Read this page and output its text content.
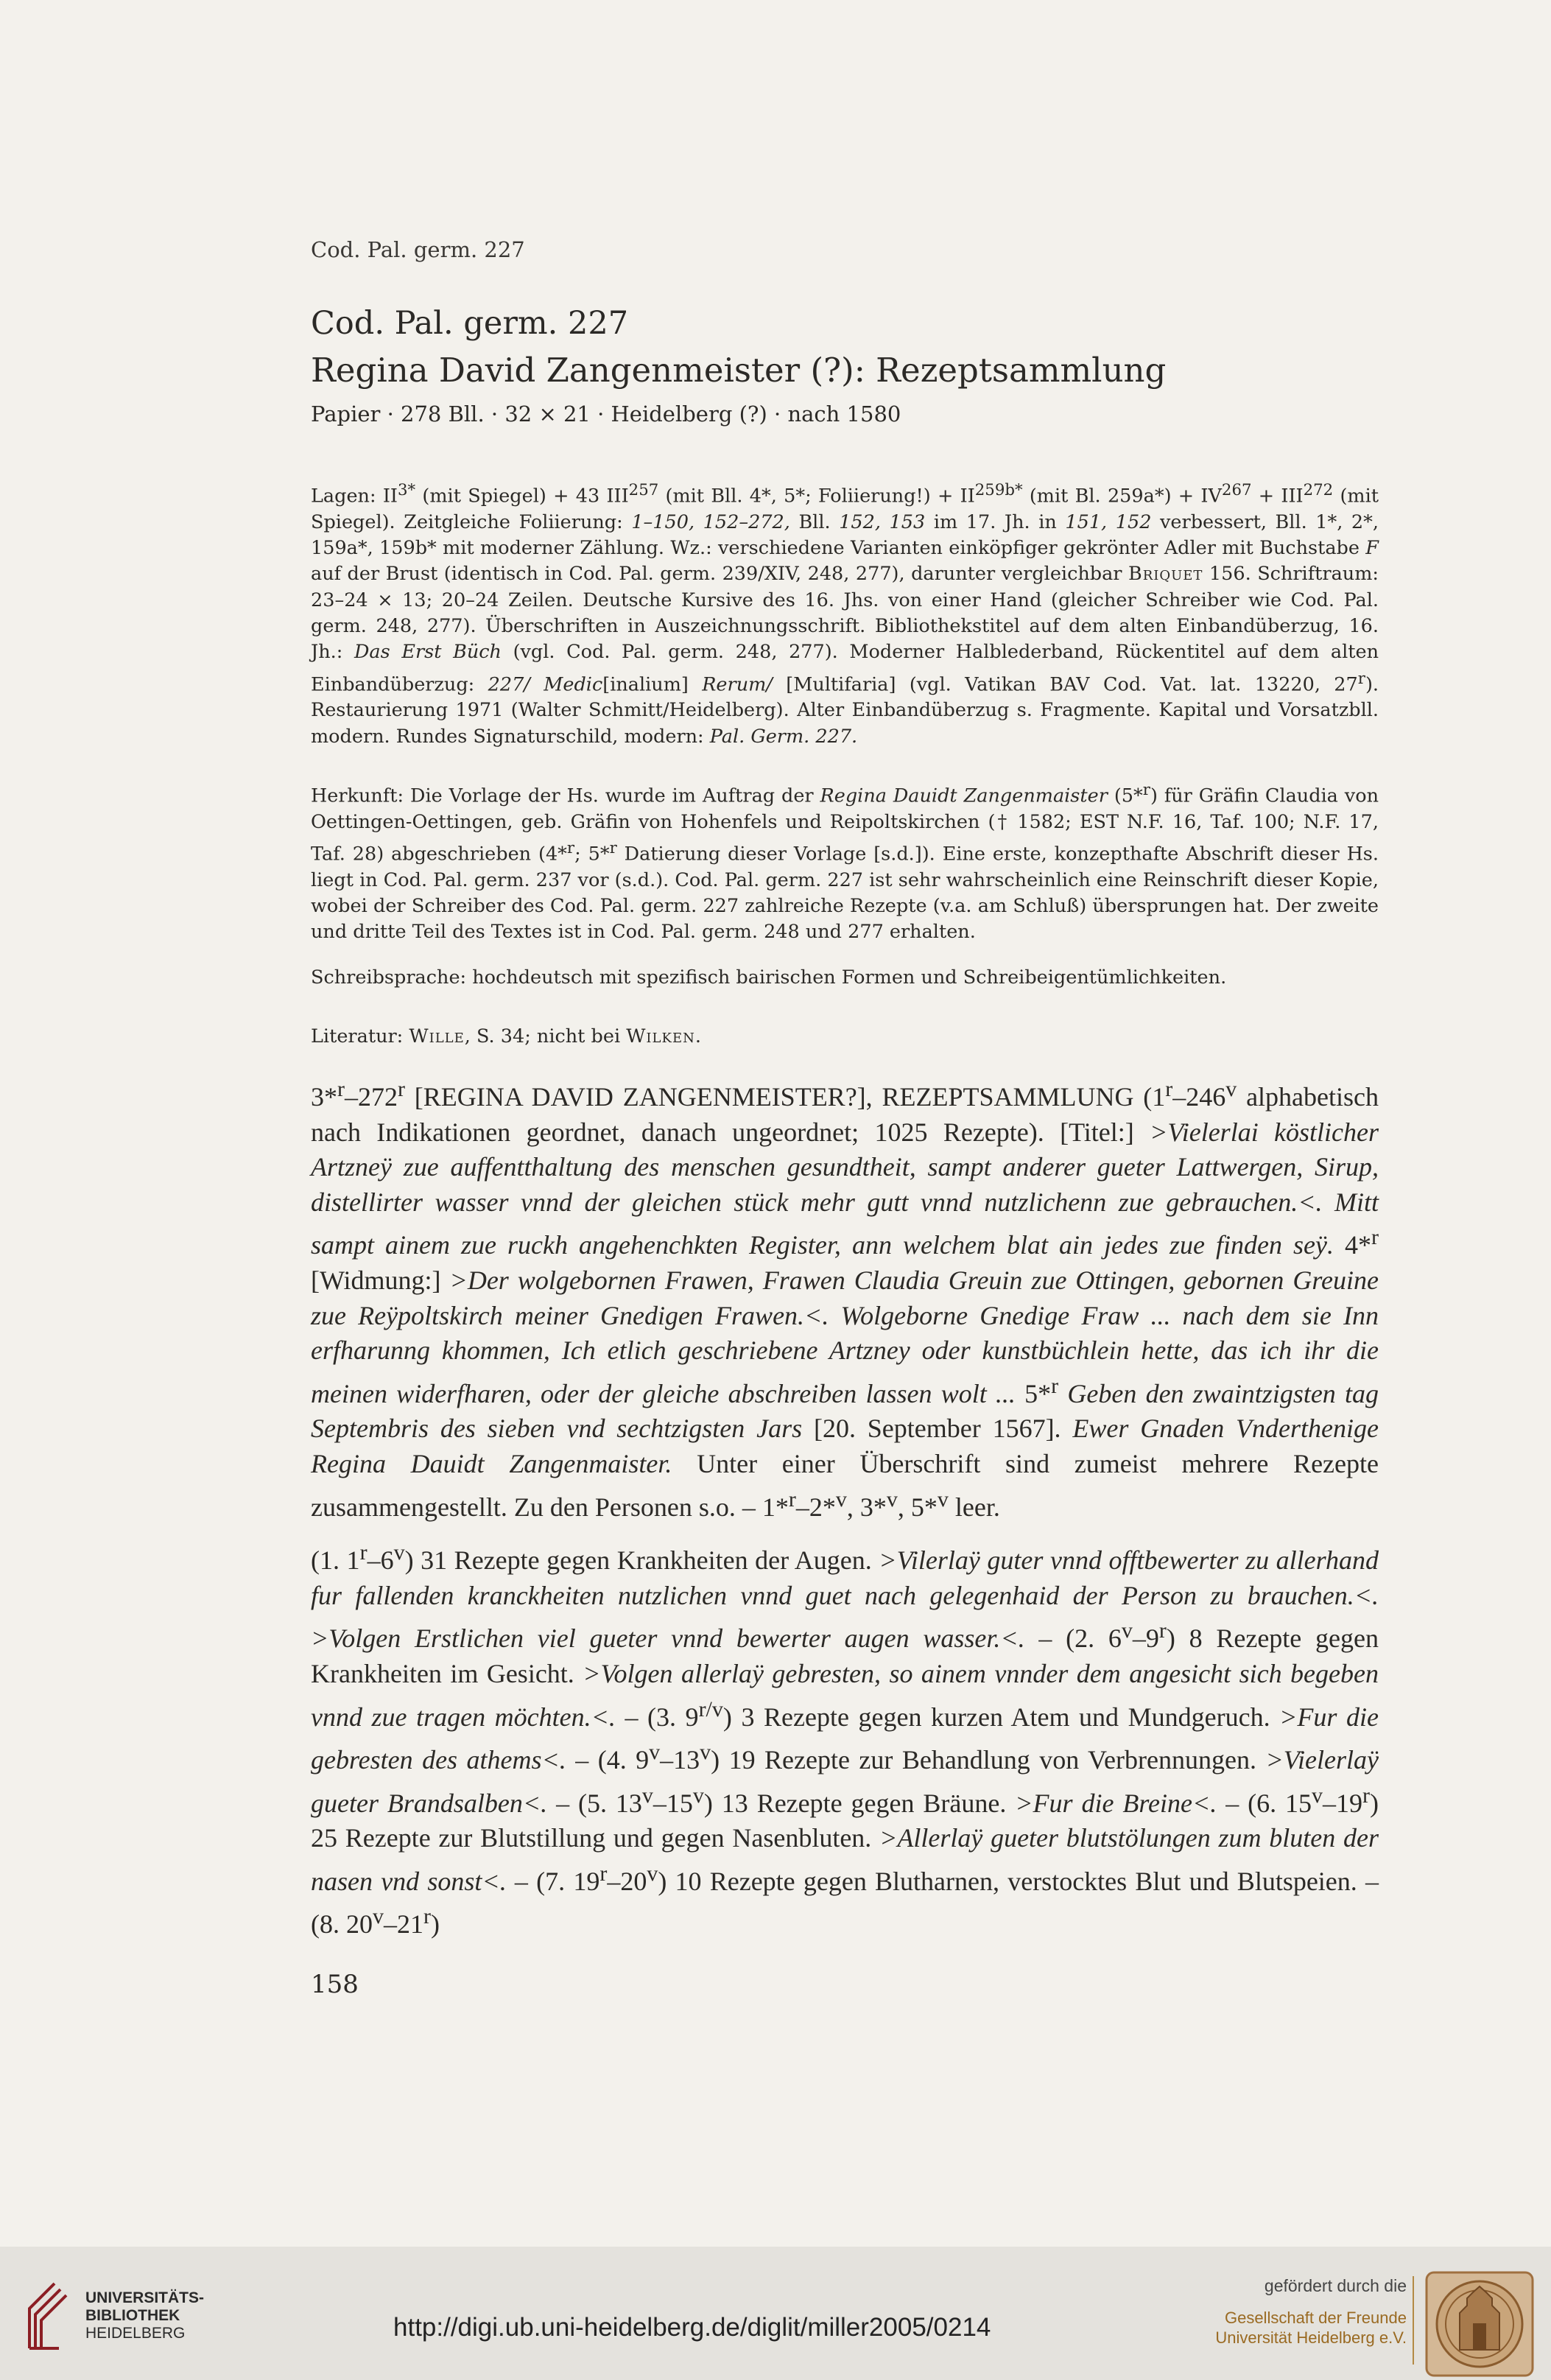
Cod. Pal. germ. 227
Cod. Pal. germ. 227
Regina David Zangenmeister (?): Rezeptsammlung
Papier · 278 Bll. · 32 × 21 · Heidelberg (?) · nach 1580

Lagen: $II^{3*}$ (mit Spiegel) + 43 III$^{257}$ (mit Bll. 4*, 5*; Foliierung!) + $II^{259b*}$ (mit Bl. $259a*) + IV^{267} + III^{272}$ (mit Spiegel). Zeitgleiche Foliierung: 1–150, 152–272, Bll. 152, 153 im 17. Jh. in 151, 152 verbessert, Bll. 1*, 2*, 159a*, 159b* mit moderner Zählung. Wz.: verschiedene Varianten einköpfiger gekrönter Adler mit Buchstabe F auf der Brust (identisch in Cod. Pal. germ. 239/XIV, 248, 277), darunter vergleichbar Briquet 156. Schriftraum: 23–24 × 13; 20–24 Zeilen. Deutsche Kursive des 16. Jhs. von einer Hand (gleicher Schreiber wie Cod. Pal. germ. 248, 277). Überschriften in Auszeichnungsschrift. Bibliothekstitel auf dem alten Einbandüberzug, 16. Jh.: Das Erst Büch (vgl. Cod. Pal. germ. 248, 277). Moderner Halblederband, Rückentitel auf dem alten Einbandüberzug: 227/ Medic[inalium] Rerum/ [Multifaria] (vgl. Vatikan BAV Cod. Vat. lat. 13220, 27$^r$). Restaurierung 1971 (Walter Schmitt/Heidelberg). Alter Einbandüberzug s. Fragmente. Kapital und Vorsatzbll. modern. Rundes Signaturschild, modern: Pal. Germ. 227.

Herkunft: Die Vorlage der Hs. wurde im Auftrag der Regina Dauidt Zangenmaister (5*$^r$) für Gräfin Claudia von Oettingen-Oettingen, geb. Gräfin von Hohenfels und Reipoltskirchen († 1582; EST N.F. 16, Taf. 100; N.F. 17, Taf. 28) abgeschrieben (4*$^r$; 5*$^r$ Datierung dieser Vorlage [s.d.]). Eine erste, konzepthafte Abschrift dieser Hs. liegt in Cod. Pal. germ. 237 vor (s.d.). Cod. Pal. germ. 227 ist sehr wahrscheinlich eine Reinschrift dieser Kopie, wobei der Schreiber des Cod. Pal. germ. 227 zahlreiche Rezepte (v.a. am Schluß) übersprungen hat. Der zweite und dritte Teil des Textes ist in Cod. Pal. germ. 248 und 277 erhalten.

Schreibsprache: hochdeutsch mit spezifisch bairischen Formen und Schreibeigentümlichkeiten.

Literatur: Wille, S. 34; nicht bei Wilken.

3*$^r$–272$^r$ [REGINA DAVID ZANGENMEISTER?], REZEPTSAMMLUNG (1$^r$–246$^v$ alphabetisch nach Indikationen geordnet, danach ungeordnet; 1025 Rezepte). [Titel:] >Vielerlai köstlicher Artzneÿ zue auffentthaltung des menschen gesundtheit, sampt anderer gueter Lattwergen, Sirup, distellirter wasser vnnd der gleichen stück mehr gutt vnnd nutzlichenn zue gebrauchen.<. Mitt sampt ainem zue ruckh angehenchkten Register, ann welchem blat ain jedes zue finden seÿ. 4*$^r$ [Widmung:] >Der wolgebornen Frawen, Frawen Claudia Greuin zue Ottingen, gebornen Greuine zue Reÿpoltskirch meiner Gnedigen Frawen.<. Wolgeborne Gnedige Fraw ... nach dem sie Inn erfharunng khommen, Ich etlich geschriebene Artzney oder kunstbüchlein hette, das ich ihr die meinen widerfharen, oder der gleiche abschreiben lassen wolt ... 5*$^r$ Geben den zwaintzigsten tag Septembris des sieben vnd sechtzigsten Jars [20. September 1567]. Ewer Gnaden Vnderthenige Regina Dauidt Zangenmaister. Unter einer Überschrift sind zumeist mehrere Rezepte zusammengestellt. Zu den Personen s.o. – 1*$^r$–2*$^v$, 3*$^v$, 5*$^v$ leer.

(1. 1$^r$–6$^v$) 31 Rezepte gegen Krankheiten der Augen. >Vilerlaÿ guter vnnd offtbewerter zu allerhand fur fallenden kranckheiten nutzlichen vnnd guet nach gelegenhaid der Person zu brauchen.<. >Volgen Erstlichen viel gueter vnnd bewerter augen wasser.<. – (2. 6$^v$–9$^r$) 8 Rezepte gegen Krankheiten im Gesicht. >Volgen allerlaÿ gebresten, so ainem vnnder dem angesicht sich begeben vnnd zue tragen möchten.<. – (3. $9^{r/v}$) 3 Rezepte gegen kurzen Atem und Mundgeruch. >Fur die gebresten des athems<. – (4. 9$^v$–13$^v$) 19 Rezepte zur Behandlung von Verbrennungen. >Vielerlaÿ gueter Brandsalben<. – (5. 13$^v$–15$^v$) 13 Rezepte gegen Bräune. >Fur die Breine<. – (6. 15$^v$–19$^r$) 25 Rezepte zur Blutstillung und gegen Nasenbluten. >Allerlaÿ gueter blutstölungen zum bluten der nasen vnd sonst<. – (7. 19$^r$–20$^v$) 10 Rezepte gegen Blutharnen, verstocktes Blut und Blutspeien. – (8. 20$^v$–21$^r$)

158
UNIVERSITÄTS-
BIBLIOTHEK
HEIDELBERG	http://digi.ub.uni-heidelberg.de/diglit/miller2005/0214
gefördert durch die
Gesellschaft der Freunde
Universität Heidelberg e.V.
